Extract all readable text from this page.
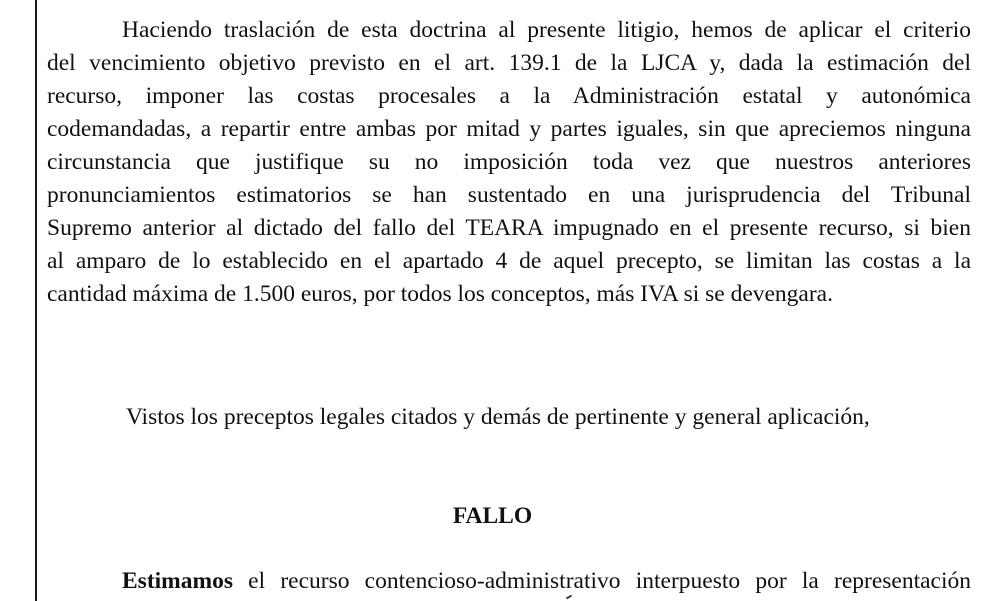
Haciendo traslación de esta doctrina al presente litigio, hemos de aplicar el criterio
del vencimiento objetivo previsto en el art. 139.1 de la LJCA y, dada la estimación del
recurso, imponer las costas procesales a la Administración estatal y autonómica
codemandadas, a repartir entre ambas por mitad y partes iguales, sin que apreciemos ninguna
circunstancia que justifique su no imposición toda vez que nuestros anteriores
pronunciamientos estimatorios se han sustentado en una jurisprudencia del Tribunal
Supremo anterior al dictado del fallo del TEARA impugnado en el presente recurso, si bien
al amparo de lo establecido en el apartado 4 de aquel precepto, se limitan las costas a la
cantidad máxima de 1.500 euros, por todos los conceptos, más IVA si se devengara.
Vistos los preceptos legales citados y demás de pertinente y general aplicación,
FALLO
Estimamos el recurso contencioso-administrativo interpuesto por la representación
